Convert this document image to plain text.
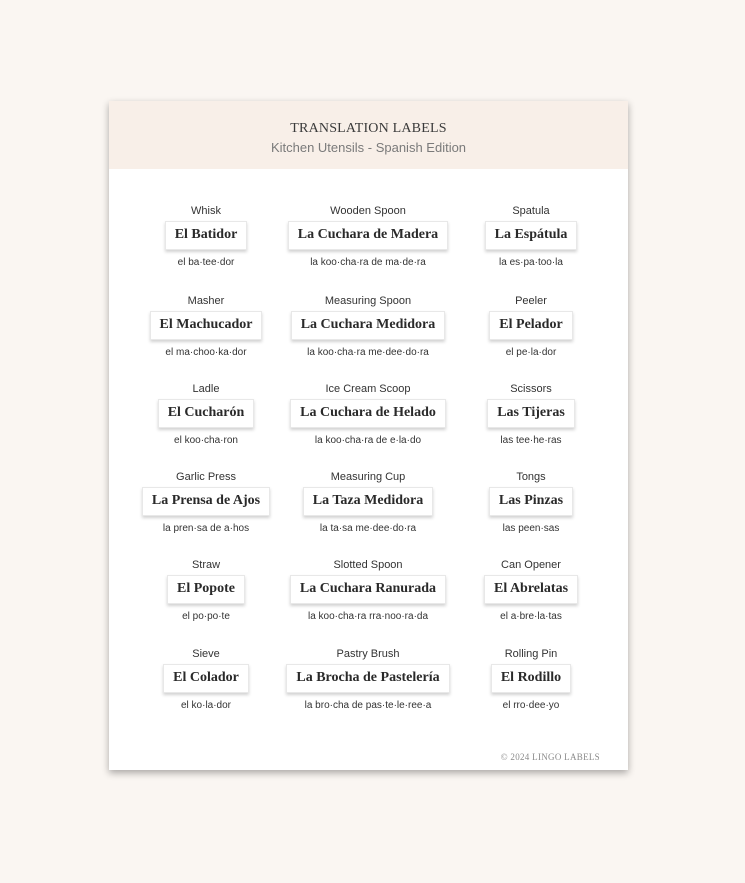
TRANSLATION LABELS
Kitchen Utensils - Spanish Edition
Whisk
El Batidor
el ba·tee·dor
Wooden Spoon
La Cuchara de Madera
la koo·cha·ra de ma·de·ra
Spatula
La Espátula
la es·pa·too·la
Masher
El Machucador
el ma·choo·ka·dor
Measuring Spoon
La Cuchara Medidora
la koo·cha·ra me·dee·do·ra
Peeler
El Pelador
el pe·la·dor
Ladle
El Cucharón
el koo·cha·ron
Ice Cream Scoop
La Cuchara de Helado
la koo·cha·ra de e·la·do
Scissors
Las Tijeras
las tee·he·ras
Garlic Press
La Prensa de Ajos
la pren·sa de a·hos
Measuring Cup
La Taza Medidora
la ta·sa me·dee·do·ra
Tongs
Las Pinzas
las peen·sas
Straw
El Popote
el po·po·te
Slotted Spoon
La Cuchara Ranurada
la koo·cha·ra rra·noo·ra·da
Can Opener
El Abrelatas
el a·bre·la·tas
Sieve
El Colador
el ko·la·dor
Pastry Brush
La Brocha de Pastelería
la bro·cha de pas·te·le·ree·a
Rolling Pin
El Rodillo
el rro·dee·yo
© 2024 LINGO LABELS
